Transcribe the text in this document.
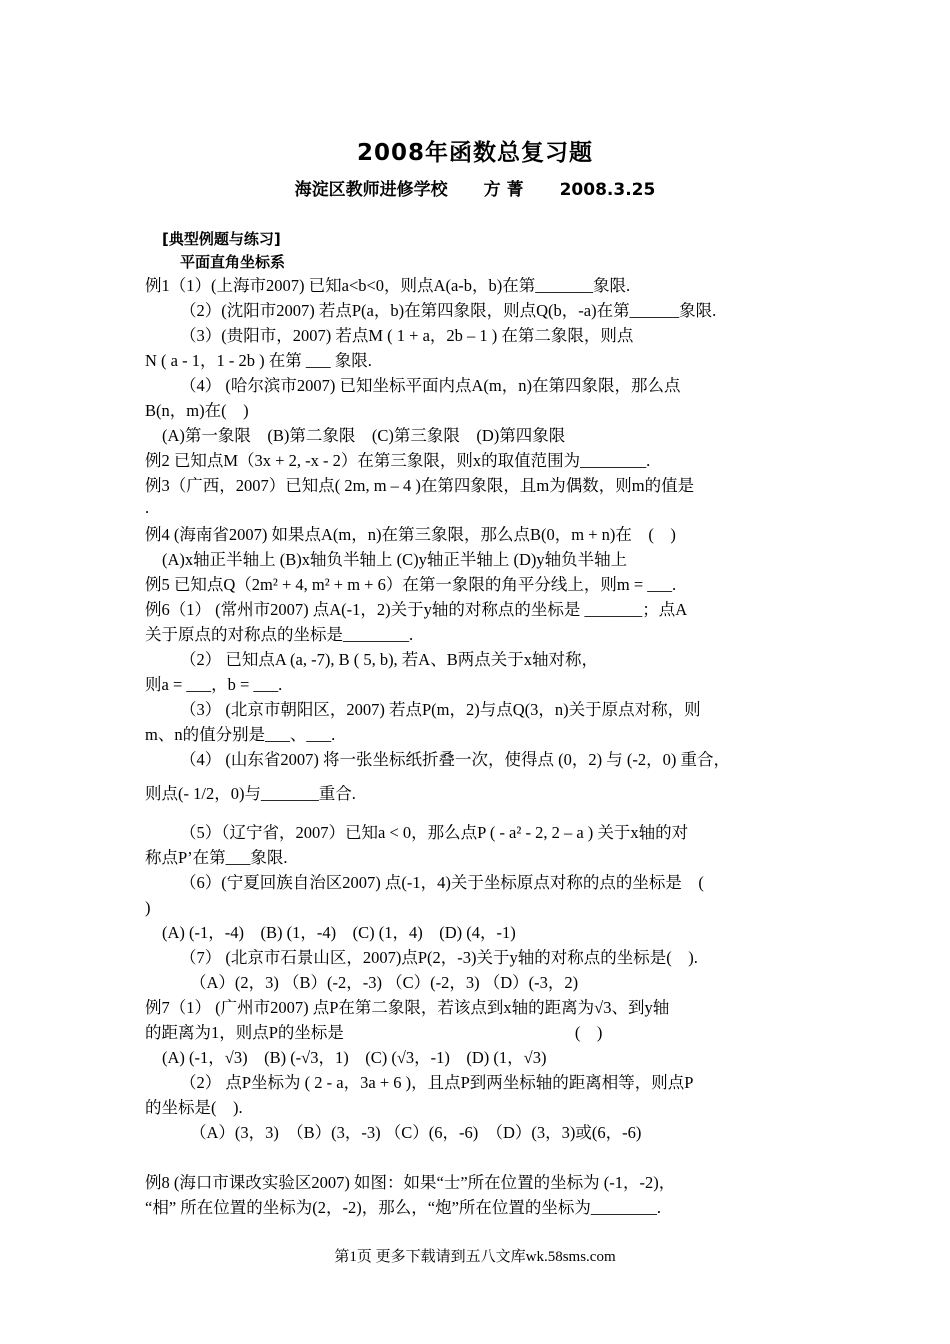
2008年函数总复习题
海淀区教师进修学校 方 菁 2008.3.25
[典型例题与练习]
平面直角坐标系
例1（1）(上海市2007) 已知a<b<0，则点A(a-b，b)在第_______象限.
（2）(沈阳市2007) 若点P(a，b)在第四象限，则点Q(b，-a)在第______象限.
（3）(贵阳市，2007) 若点M ( 1 + a，2b – 1 ) 在第二象限，则点
N ( a - 1，1 - 2b ) 在第 ___ 象限.
（4） (哈尔滨市2007) 已知坐标平面内点A(m，n)在第四象限，那么点
B(n，m)在(　)
(A)第一象限　(B)第二象限　(C)第三象限　(D)第四象限
例2 已知点M（3x + 2, -x - 2）在第三象限，则x的取值范围为________.
例3（广西，2007）已知点( 2m, m – 4 )在第四象限，且m为偶数，则m的值是
.
例4 (海南省2007) 如果点A(m，n)在第三象限，那么点B(0，m + n)在　(　)
(A)x轴正半轴上 (B)x轴负半轴上 (C)y轴正半轴上 (D)y轴负半轴上
例5 已知点Q（2m² + 4, m² + m + 6）在第一象限的角平分线上，则m = ___.
例6（1） (常州市2007) 点A(-1，2)关于y轴的对称点的坐标是 _______；点A
关于原点的对称点的坐标是________.
（2） 已知点A (a, -7), B ( 5, b), 若A、B两点关于x轴对称，
则a = ___，b = ___.
（3） (北京市朝阳区，2007) 若点P(m，2)与点Q(3，n)关于原点对称，则
m、n的值分别是___、___.
（4） (山东省2007) 将一张坐标纸折叠一次，使得点 (0，2) 与 (-2，0) 重合，
则点(- 1/2，0)与_______重合.
（5）（辽宁省，2007）已知a < 0，那么点P ( - a² - 2, 2 – a ) 关于x轴的对
称点P’在第___象限.
（6）(宁夏回族自治区2007) 点(-1，4)关于坐标原点对称的点的坐标是　(
)
(A) (-1，-4)　(B) (1，-4)　(C) (1，4)　(D) (4，-1)
（7） (北京市石景山区，2007)点P(2，-3)关于y轴的对称点的坐标是(　).
（A）(2，3) （B）(-2，-3) （C）(-2，3) （D）(-3，2)
例7（1） (广州市2007) 点P在第二象限，若该点到x轴的距离为√3、到y轴
的距离为1，则点P的坐标是　　　　　　　　　　　　　　(　)
(A) (-1，√3)　(B) (-√3，1)　(C) (√3，-1)　(D) (1，√3)
（2） 点P坐标为 ( 2 - a，3a + 6 )，且点P到两坐标轴的距离相等，则点P
的坐标是(　).
（A）(3，3)　（B）(3，-3) （C）(6，-6)　（D）(3，3)或(6，-6)
例8 (海口市课改实验区2007) 如图：如果“士”所在位置的坐标为 (-1，-2)，
“相” 所在位置的坐标为(2，-2)，那么，“炮”所在位置的坐标为________.
第1页 更多下载请到五八文库wk.58sms.com
